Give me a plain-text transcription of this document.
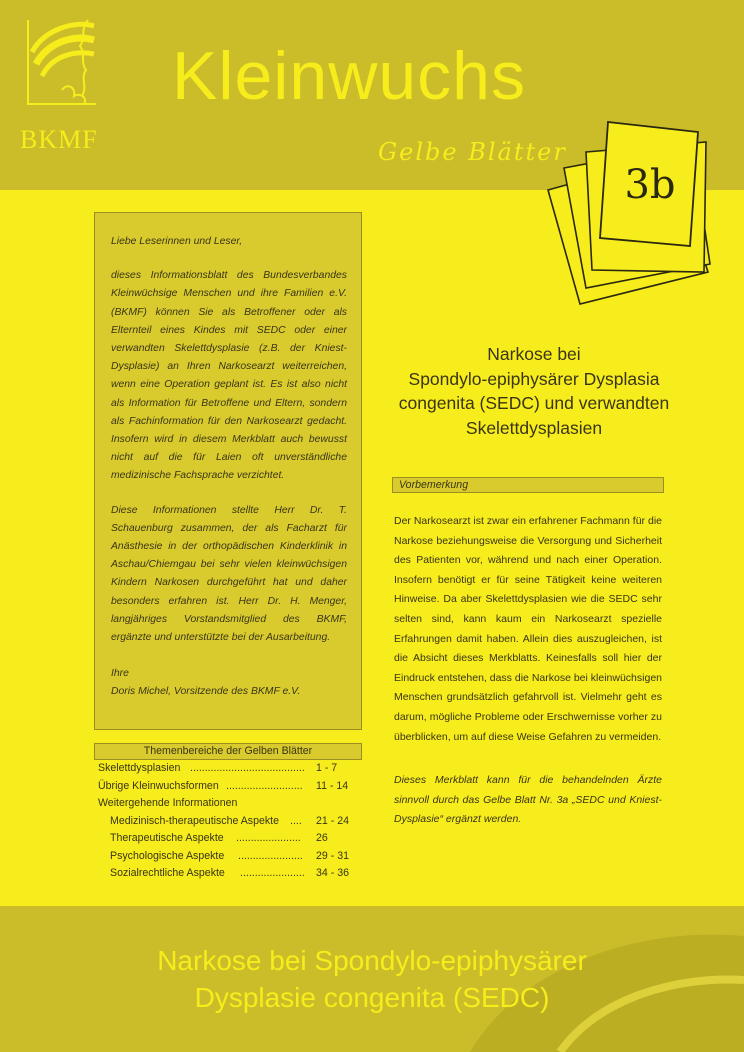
BKMF
Kleinwuchs
Gelbe Blätter
3b

Liebe Leserinnen und Leser,

dieses Informationsblatt des Bundesverbandes Kleinwüchsige Menschen und ihre Familien e.V. (BKMF) können Sie als Betroffener oder als Elternteil eines Kindes mit SEDC oder einer verwandten Skelettdysplasie (z.B. der Kniest-Dysplasie) an Ihren Narkosearzt weiterreichen, wenn eine Operation geplant ist. Es ist also nicht als Information für Betroffene und Eltern, sondern als Fachinformation für den Narkosearzt gedacht. Insofern wird in diesem Merkblatt auch bewusst nicht auf die für Laien oft unverständliche medizinische Fachsprache verzichtet.

Diese Informationen stellte Herr Dr. T. Schauenburg zusammen, der als Facharzt für Anästhesie in der orthopädischen Kinderklinik in Aschau/Chiemgau bei sehr vielen kleinwüchsigen Kindern Narkosen durchgeführt hat und daher besonders erfahren ist. Herr Dr. H. Menger, langjähriges Vorstandsmitglied des BKMF, ergänzte und unterstützte bei der Ausarbeitung.

Ihre

Doris Michel, Vorsitzende des BKMF e.V.

Themenbereiche der Gelben Blätter
Skelettdysplasien ....................................... 1 - 7
Übrige Kleinwuchsformen .......................... 11 - 14
Weitergehende Informationen
Medizinisch-therapeutische Aspekte .... 21 - 24
Therapeutische Aspekte ...................... 26
Psychologische Aspekte ...................... 29 - 31
Sozialrechtliche Aspekte ...................... 34 - 36
Narkose bei
Spondylo-epiphysärer Dysplasia
congenita (SEDC) und verwandten
Skelettdysplasien
Vorbemerkung
Der Narkosearzt ist zwar ein erfahrener Fachmann für die Narkose beziehungsweise die Versorgung und Sicherheit des Patienten vor, während und nach einer Operation. Insofern benötigt er für seine Tätigkeit keine weiteren Hinweise. Da aber Skelettdysplasien wie die SEDC sehr selten sind, kann kaum ein Narkosearzt spezielle Erfahrungen damit haben. Allein dies auszugleichen, ist die Absicht dieses Merkblatts. Keinesfalls soll hier der Eindruck entstehen, dass die Narkose bei kleinwüchsigen Menschen grundsätzlich gefahrvoll ist. Vielmehr geht es darum, mögliche Probleme oder Erschwernisse vorher zu überblicken, um auf diese Weise Gefahren zu vermeiden.
Dieses Merkblatt kann für die behandelnden Ärzte sinnvoll durch das Gelbe Blatt Nr. 3a „SEDC und Kniest-Dysplasie“ ergänzt werden.
Narkose bei Spondylo-epiphysärer
Dysplasie congenita (SEDC)
